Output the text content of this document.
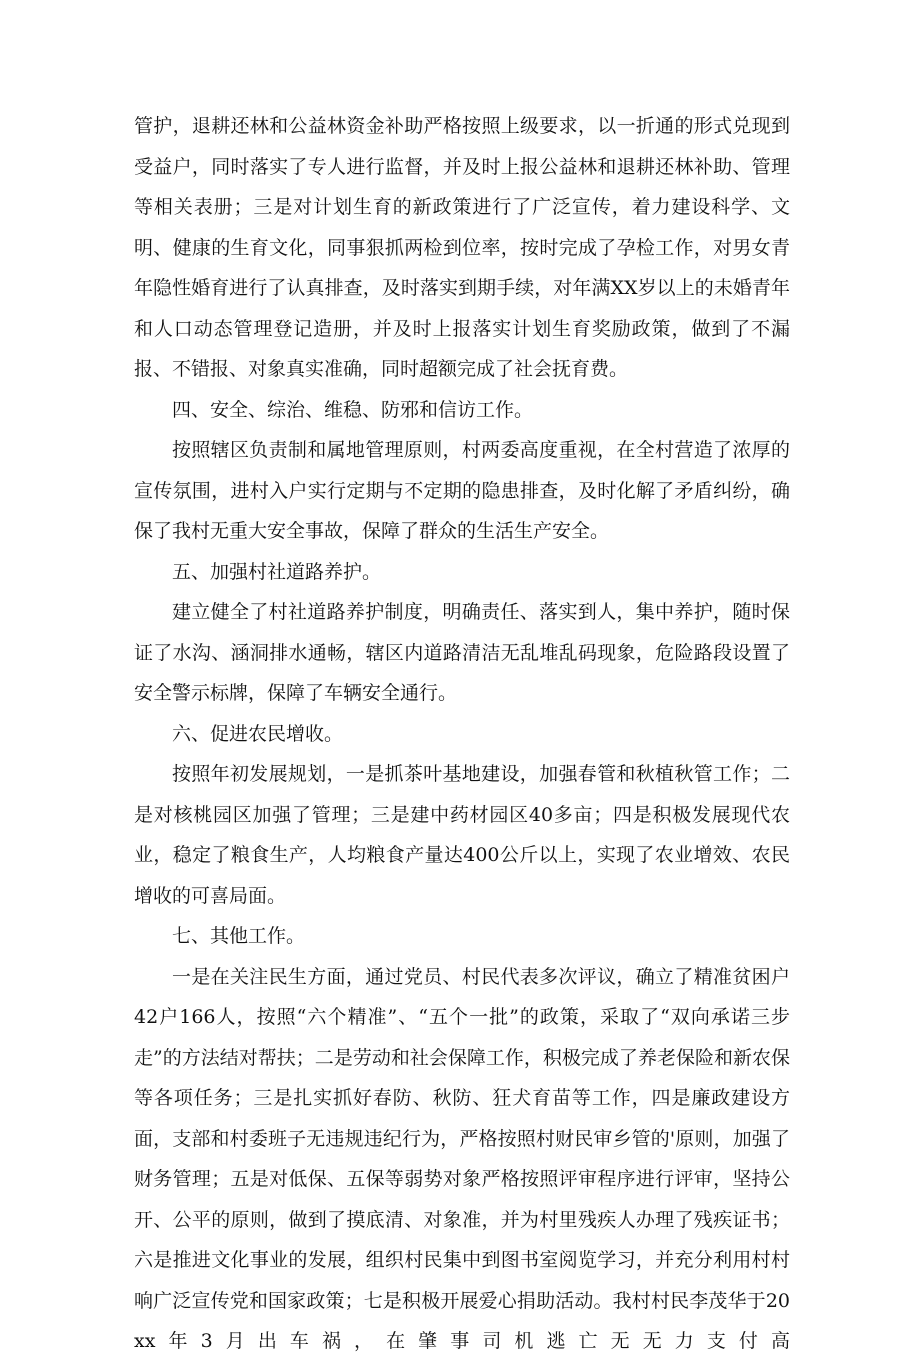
管护，退耕还林和公益林资金补助严格按照上级要求，以一折通的形式兑现到受益户，同时落实了专人进行监督，并及时上报公益林和退耕还林补助、管理等相关表册；三是对计划生育的新政策进行了广泛宣传，着力建设科学、文明、健康的生育文化，同事狠抓两检到位率，按时完成了孕检工作，对男女青年隐性婚育进行了认真排查，及时落实到期手续，对年满XX岁以上的未婚青年和人口动态管理登记造册，并及时上报落实计划生育奖励政策，做到了不漏报、不错报、对象真实准确，同时超额完成了社会抚育费。

四、安全、综治、维稳、防邪和信访工作。

按照辖区负责制和属地管理原则，村两委高度重视，在全村营造了浓厚的宣传氛围，进村入户实行定期与不定期的隐患排查，及时化解了矛盾纠纷，确保了我村无重大安全事故，保障了群众的生活生产安全。

五、加强村社道路养护。

建立健全了村社道路养护制度，明确责任、落实到人，集中养护，随时保证了水沟、涵洞排水通畅，辖区内道路清洁无乱堆乱码现象，危险路段设置了安全警示标牌，保障了车辆安全通行。

六、促进农民增收。

按照年初发展规划，一是抓茶叶基地建设，加强春管和秋植秋管工作；二是对核桃园区加强了管理；三是建中药材园区40多亩；四是积极发展现代农业，稳定了粮食生产，人均粮食产量达400公斤以上，实现了农业增效、农民增收的可喜局面。

七、其他工作。

一是在关注民生方面，通过党员、村民代表多次评议，确立了精准贫困户42户166人，按照“六个精准”、“五个一批”的政策，采取了“双向承诺三步走”的方法结对帮扶；二是劳动和社会保障工作，积极完成了养老保险和新农保等各项任务；三是扎实抓好春防、秋防、狂犬育苗等工作，四是廉政建设方面，支部和村委班子无违规违纪行为，严格按照村财民审乡管的'原则，加强了财务管理；五是对低保、五保等弱势对象严格按照评审程序进行评审，坚持公开、公平的原则，做到了摸底清、对象准，并为村里残疾人办理了残疾证书；六是推进文化事业的发展，组织村民集中到图书室阅览学习，并充分利用村村响广泛宣传党和国家政策；七是积极开展爱心捐助活动。我村村民李茂华于20xx年3月出车祸，在肇事司机逃亡无无力支付高
